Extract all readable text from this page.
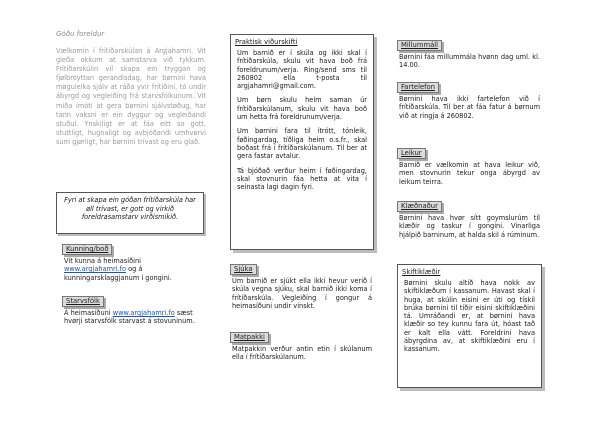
Góðu foreldur
Vælkomin í frítíðarskúlan á Argjahamri. Vit gleða okkum at samstarva við tykkum. Frítíðarskúlin vil skapa ein tryggan og fjølbroyttan gerandisdag, har børnini hava møguleika sjálv at ráða yvir frítíðini, tó undir ábyrgd og vegleiðing frá starvsfólkunum. Vit miða ímóti at gera børnini sjálvstøðug, har tann vaksni er ein dyggur og vegleiðandi stuðul. Ynskiligt er at fáa eitt so gott, stuttligt, hugnaligt og avbjóðandi umhvørvi sum gjørligt, har børnini trívast og eru glað.
Fyri at skapa ein góðan frítíðarskúla har øll trívast, er gott og virkið foreldrasamstarv virðismikið.
Kunning/boð
Vit kunna á heimasíðini www.argjahamri.fo og á kunningarsklaggjanum í gongini.
Starvsfólk
Á heimasíðuni www.argjahamri.fo sæst hvørji starvsfólk starvast á stovuninum.
Praktisk viðurskifti

Um barnið er í skúla og ikki skal í frítíðarskúla, skulu vit hava boð frá foreldrunum/verja. Ring/send sms til 260802 ella t-posta til argjahamri@gmail.com.

Um børn skulu heim saman úr frítíðarskúlanum, skulu vit hava boð um hetta frá foreldrunum/verja.

Um børnini fara til ítrótt, tónleik, føðingardag, tíðliga heim o.s.fr., skal boðast frá í frítíðarskúlanum. Til ber at gera fastar avtalur.

Tá bjóðað verður heim í føðingardag, skal stovnurin fáa hetta at vita í seinasta lagi dagin fyri.

Sjúka

Um barnið er sjúkt ella ikki hevur verið í skúla vegna sjúku, skal barnið ikki koma í frítíðarskúla. Vegleiðing í gongur á heimasíðuni undir vinskt.

Matpakki

Matpakkin verður antin etin í skúlanum ella í frítíðarskúlanum.

Millummáll

Børnini fáa millummála hvønn dag uml. kl. 14.00.

Fartelefon

Børnini hava ikki fartelefon við í frítíðarskúla. Til ber at fáa fatur á børnum við at ringja á 260802.

Leikur

Barnið er vælkomin at hava leikur við, men stovnurin tekur onga ábyrgd av leikum teirra.

Klæðnaður

Børnini hava hvør sítt goymslurúm til klæðir og taskur í gongini. Vinarliga hjálpið barninum, at halda skil á rúminum.

Skiftiklæðir

Børnini skulu altíð hava nokk av skiftiklæðum í kassanum. Havast skal í huga, at skúlin eisini er úti og tískil brúka børnini til tíðir eisini skiftiklæðini tá. Umráðandi er, at børnini hava klæðir so tey kunnu fara út, hóast tað er kalt ella vátt. Foreldrini hava ábyrgdina av, at skiftiklæðini eru í kassanum.
